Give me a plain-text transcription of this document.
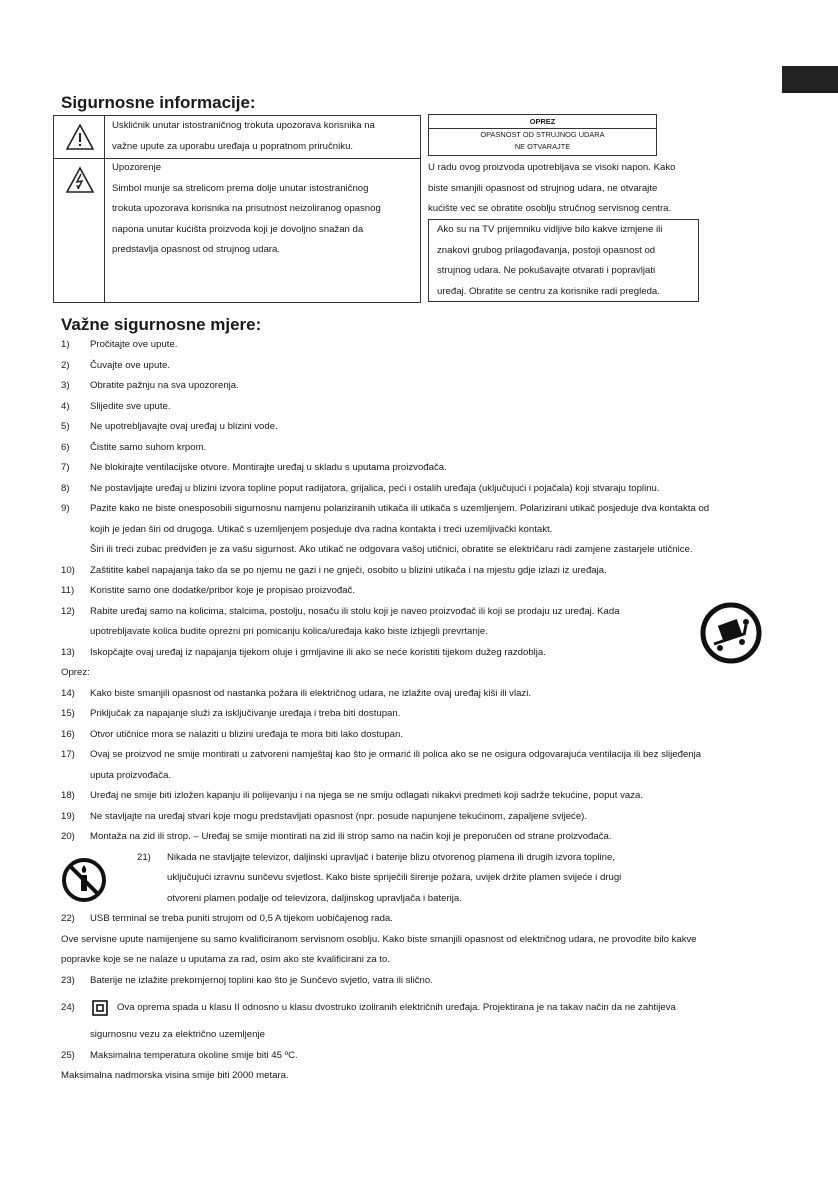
Sigurnosne informacije:
Usklićnik unutar istostraničnog trokuta upozorava korisnika na
važne upute za uporabu uređaja u popratnom priručniku.
Upozorenje
Simbol munje sa strelicom prema dolje unutar istostraničnog
trokuta upozorava korisnika na prisutnost neizoliranog opasnog
napona unutar kućišta proizvoda koji je dovoljno snažan da
predstavlja opasnost od strujnog udara.
OPREZ
OPASNOST OD STRUJNOG UDARA
NE OTVARAJTE
U radu ovog proizvoda upotrebljava se visoki napon. Kako
biste smanjili opasnost od strujnog udara, ne otvarajte
kućište već se obratite osoblju stručnog servisnog centra.
Ako su na TV prijemniku vidljive bilo kakve izmjene ili
znakovi grubog prilagođavanja, postoji opasnost od
strujnog udara. Ne pokušavajte otvarati i popravljati
uređaj. Obratite se centru za korisnike radi pregleda.
Važne sigurnosne mjere:
1)	Pročitajte ove upute.
2)	Čuvajte ove upute.
3)	Obratite pažnju na sva upozorenja.
4)	Slijedite sve upute.
5)	Ne upotrebljavajte ovaj uređaj u blizini vode.
6)	Čistite samo suhom krpom.
7)	Ne blokirajte ventilacijske otvore. Montirajte uređaj u skladu s uputama proizvođača.
8)	Ne postavljajte uređaj u blizini izvora topline poput radijatora, grijalica, peći i ostalih uređaja (uključujući i pojačala) koji stvaraju toplinu.
9)	Pazite kako ne biste onesposobili sigurnosnu namjenu polariziranih utikača ili utikača s uzemljenjem. Polarizirani utikač posjeduje dva kontakta od
kojih je jedan širi od drugoga. Utikač s uzemljenjem posjeduje dva radna kontakta i treći uzemljivački kontakt.
Širi ili treći zubac predviđen je za vašu sigurnost. Ako utikač ne odgovara vašoj utičnici, obratite se električaru radi zamjene zastarjele utičnice.
10)	Zaštitite kabel napajanja tako da se po njemu ne gazi i ne gnječi, osobito u blizini utikača i na mjestu gdje izlazi iz uređaja.
11)	Koristite samo one dodatke/pribor koje je propisao proizvođač.
12)	Rabite uređaj samo na kolicima, stalcima, postolju, nosaču ili stolu koji je naveo proizvođač ili koji se prodaju uz uređaj. Kada
upotrebljavate kolica budite oprezni pri pomicanju kolica/uređaja kako biste izbjegli prevrtanje.
13)	Iskopčajte ovaj uređaj iz napajanja tijekom oluje i grmljavine ili ako se neće koristiti tijekom dužeg razdoblja.
Oprez:
14)	Kako biste smanjili opasnost od nastanka požara ili električnog udara, ne izlažite ovaj uređaj kiši ili vlazi.
15)	Priključak za napajanje služi za isključivanje uređaja i treba biti dostupan.
16)	Otvor utičnice mora se nalaziti u blizini uređaja te mora biti lako dostupan.
17)	Ovaj se proizvod ne smije montirati u zatvoreni namještaj kao što je ormarić ili polica ako se ne osigura odgovarajuća ventilacija ili bez slijeđenja
uputa proizvođača.
18)	Uređaj ne smije biti izložen kapanju ili polijevanju i na njega se ne smiju odlagati nikakvi predmeti koji sadrže tekućine, poput vaza.
19)	Ne stavljajte na uređaj stvari koje mogu predstavljati opasnost (npr. posude napunjene tekućinom, zapaljene svijeće).
20)	Montaža na zid ili strop. – Uređaj se smije montirati na zid ili strop samo na način koji je preporučen od strane proizvođača.
21)	Nikada ne stavljajte televizor, daljinski upravljač i baterije blizu otvorenog plamena ili drugih izvora topline,
uključujući izravnu sunčevu svjetlost. Kako biste spriječili širenje požara, uvijek držite plamen svijeće i drugi
otvoreni plamen podalje od televizora, daljinskog upravljača i baterija.
22)	USB terminal se treba puniti strujom od 0,5 A tijekom uobičajenog rada.
Ove servisne upute namijenjene su samo kvalificiranom servisnom osoblju. Kako biste smanjili opasnost od električnog udara, ne provodite bilo kakve
popravke koje se ne nalaze u uputama za rad, osim ako ste kvalificirani za to.
23)	Baterije ne izlažite prekomjernoj toplini kao što je Sunčevo svjetlo, vatra ili slično.
24)	Ova oprema spada u klasu II odnosno u klasu dvostruko izoliranih električnih uređaja. Projektirana je na takav način da ne zahtijeva
sigurnosnu vezu za električno uzemljenje
25)	Maksimalna temperatura okoline smije biti 45 ºC.
Maksimalna nadmorska visina smije biti 2000 metara.
